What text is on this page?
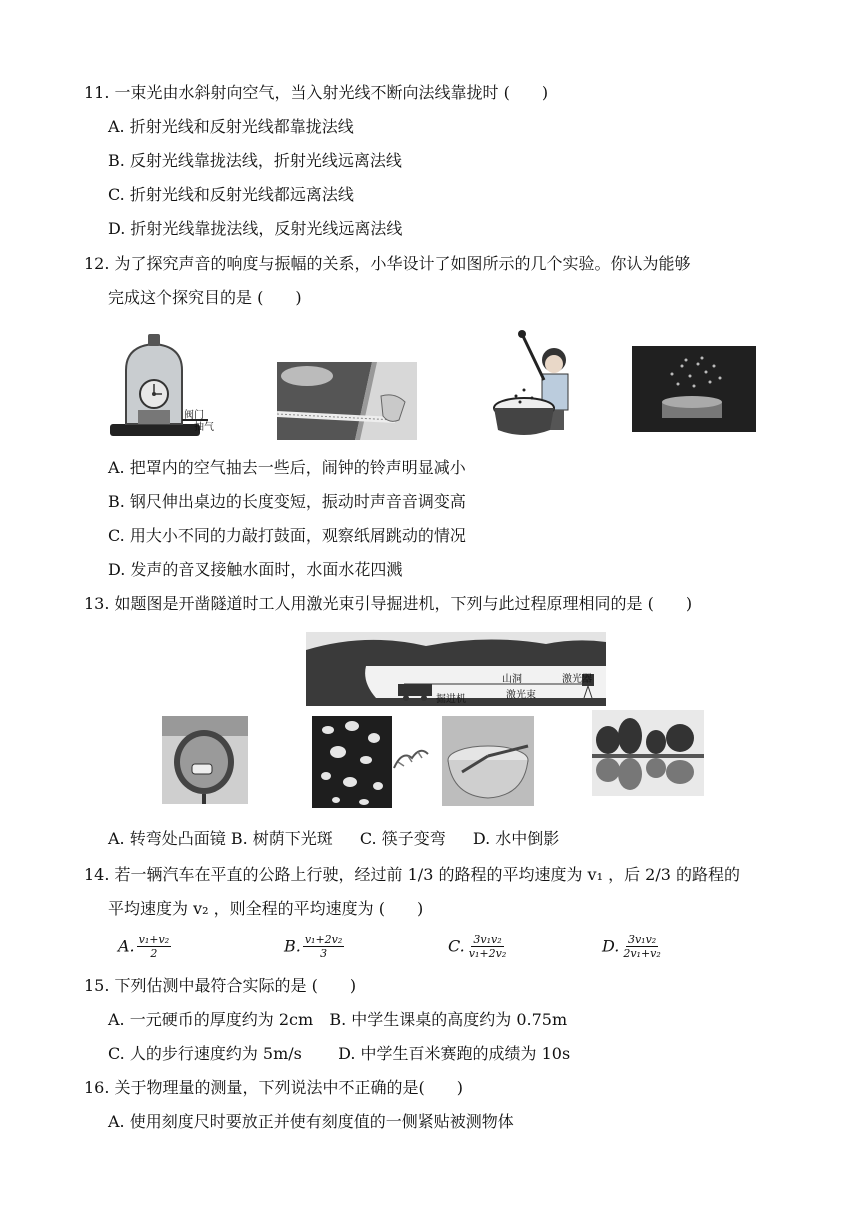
11. 一束光由水斜射向空气，当入射光线不断向法线靠拢时 (　　)
A. 折射光线和反射光线都靠拢法线
B. 反射光线靠拢法线，折射光线远离法线
C. 折射光线和反射光线都远离法线
D. 折射光线靠拢法线，反射光线远离法线
12. 为了探究声音的响度与振幅的关系，小华设计了如图所示的几个实验。你认为能够
完成这个探究目的是 (　　)
阀门
抽气
A. 把罩内的空气抽去一些后，闹钟的铃声明显减小
B. 钢尺伸出桌边的长度变短，振动时声音音调变高
C. 用大小不同的力敲打鼓面，观察纸屑跳动的情况
D. 发声的音叉接触水面时，水面水花四溅
13. 如题图是开凿隧道时工人用激光束引导掘进机，下列与此过程原理相同的是 (　　)
山洞	激光器
激光束
掘进机
A. 转弯处凸面镜 B. 树荫下光斑 C. 筷子变弯 D. 水中倒影
14. 若一辆汽车在平直的公路上行驶，经过前 1/3 的路程的平均速度为 v₁ ，后 2/3 的路程的
平均速度为 v₂ ，则全程的平均速度为 (　　)
A. $\frac{\text{v₁+v₂}}{2}$	B. $\frac{\text{v₁+2v₂}}{3}$	C. $\frac{\text{3v₁v₂}}{\text{v₁+2v₂}}$	D. $\frac{\text{3v₁v₂}}{\text{2v₁+v₂}}$
15. 下列估测中最符合实际的是 (　　)
A. 一元硬币的厚度约为 2cm B. 中学生课桌的高度约为 0.75m
C. 人的步行速度约为 5m/s D. 中学生百米赛跑的成绩为 10s
16. 关于物理量的测量，下列说法中不正确的是(　　)
A. 使用刻度尺时要放正并使有刻度值的一侧紧贴被测物体
